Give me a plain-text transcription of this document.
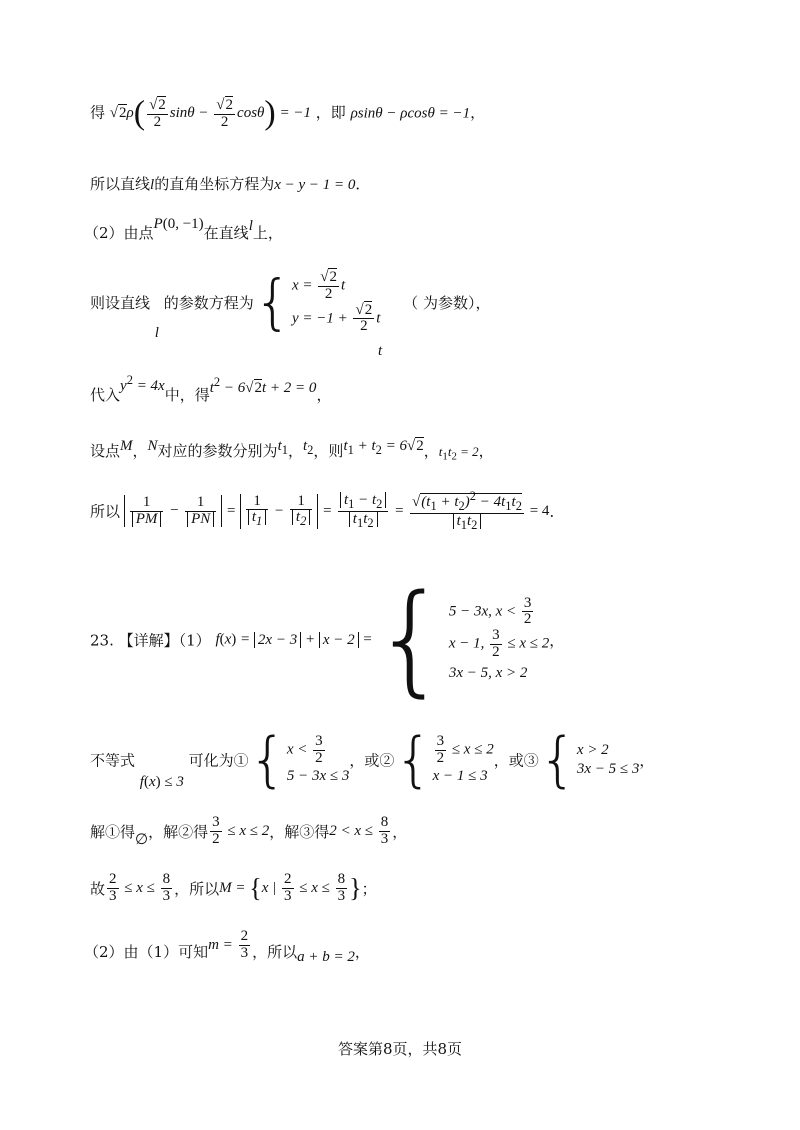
得 $√2\rho( \frac{√2}{2}$ $\sin\theta - \frac{√2}{2} \cos\theta) = -1$ ，即 ρsinθ − ρcosθ = −1，
所以直线l的直角坐标方程为x − y − 1 = 0．
（2）由点P(0, −1)在直线l上，
则设直线 l 的参数方程为{ $x = \frac{√2}{2}$ t
$y = -1 + \frac{√2}{2}$ t
（ 为参数），
t
代入$y^2 = 4x$中，得$t^2 - 6√2t + 2 = 0$，
设点M，N对应的参数分别为$t_1$，$t_2$，则$t_1 + t_2 = 6√2$，$t_1t_2 = 2$，
所以 $\frac{1}{PM} - \frac{1}{PN} = \frac{1}{t_1} - \frac{1}{t_2} = \frac{t_1 - t_2}{t_1t_2} = \frac{√(t_1 + t_2)^2 - 4t_1t_2}{t_1t_2} = 4$．
23. 【详解】（1） f(x) = 2x − 3 + x − 2 ={ 5 − 3x, $x < \frac{3}{2}$
x − 1, $\frac{3}{2} \le x \le 2$
3x − 5, x > 2
，
不等式 f(x) ≤ 3 可化为①{ $x < \frac{3}{2}$
5 − 3x ≤ 3
，或②{ $\frac{3}{2} \le x \le 2$
x − 1 ≤ 3
，或③{ x > 2
3x − 5 ≤ 3 ，
解①得∅，解②得 $\frac{3}{2} \le x \le 2$，解③得$2 < x \le \frac{8}{3}$ ，
故 $\frac{2}{3} \le x \le \frac{8}{3}$ ，所以M = {x | $\frac{2}{3} \le x \le \frac{8}{3}$ }；
（2）由（1）可知$m = \frac{2}{3}$ ，所以a + b = 2，
答案第8页，共8页
